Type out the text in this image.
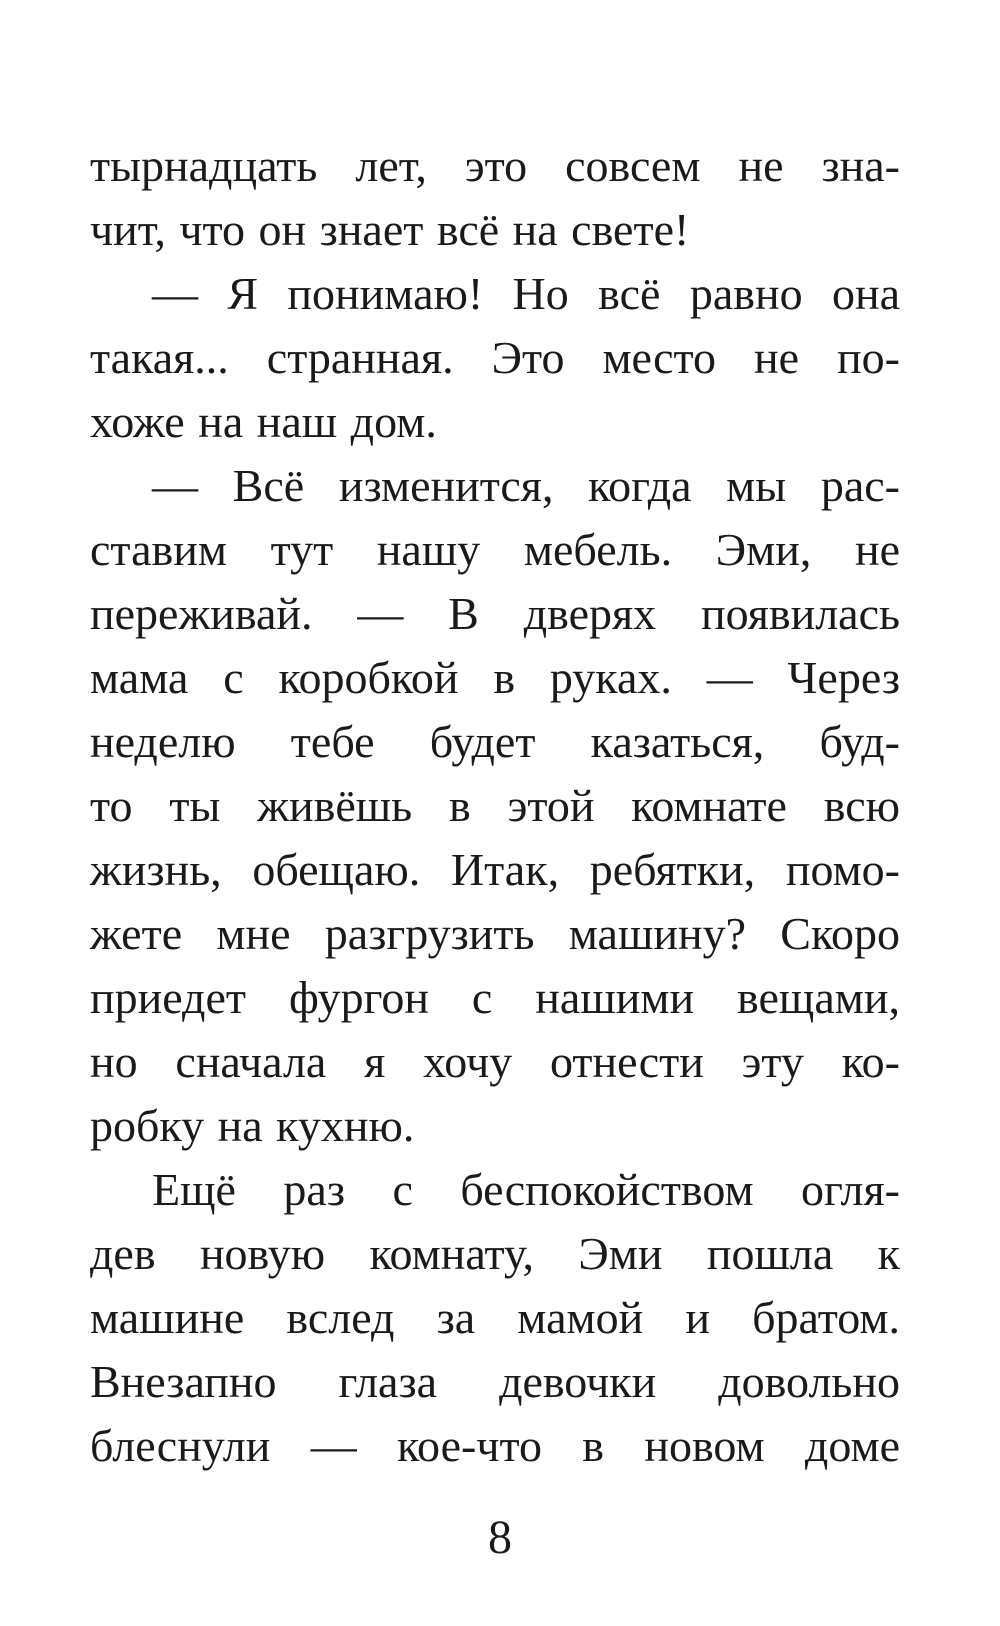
тырнадцать лет, это совсем не зна-
чит, что он знает всё на свете!
— Я понимаю! Но всё равно она
такая... странная. Это место не по-
хоже на наш дом.
— Всё изменится, когда мы рас-
ставим тут нашу мебель. Эми, не
переживай. — В дверях появилась
мама с коробкой в руках. — Через
неделю тебе будет казаться, буд-
то ты живёшь в этой комнате всю
жизнь, обещаю. Итак, ребятки, помо-
жете мне разгрузить машину? Скоро
приедет фургон с нашими вещами,
но сначала я хочу отнести эту ко-
робку на кухню.
Ещё раз с беспокойством огля-
дев новую комнату, Эми пошла к
машине вслед за мамой и братом.
Внезапно глаза девочки довольно
блеснули — кое-что в новом доме
8
